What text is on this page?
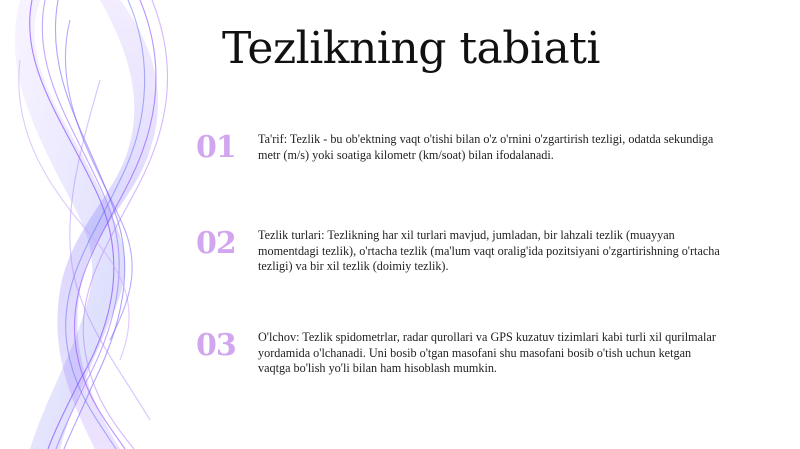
Tezlikning tabiati
01	Ta'rif: Tezlik - bu ob'ektning vaqt o'tishi bilan o'z o'rnini o'zgartirish tezligi, odatda sekundiga metr (m/s) yoki soatiga kilometr (km/soat) bilan ifodalanadi.
02	Tezlik turlari: Tezlikning har xil turlari mavjud, jumladan, bir lahzali tezlik (muayyan momentdagi tezlik), o'rtacha tezlik (ma'lum vaqt oralig'ida pozitsiyani o'zgartirishning o'rtacha tezligi) va bir xil tezlik (doimiy tezlik).
03	O'lchov: Tezlik spidometrlar, radar qurollari va GPS kuzatuv tizimlari kabi turli xil qurilmalar yordamida o'lchanadi. Uni bosib o'tgan masofani shu masofani bosib o'tish uchun ketgan vaqtga bo'lish yo'li bilan ham hisoblash mumkin.
